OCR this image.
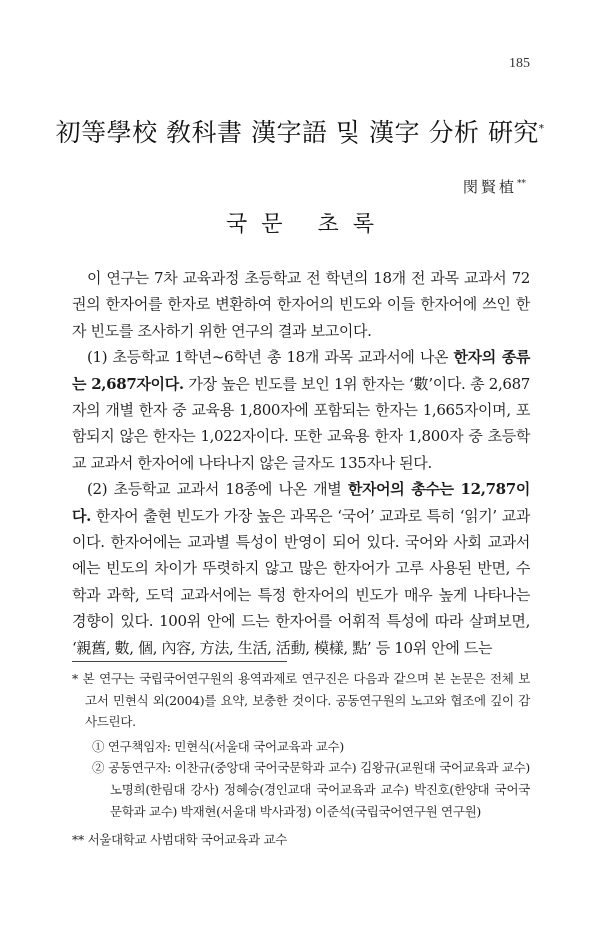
185
初等學校 敎科書 漢字語 및 漢字 分析 硏究*
閔賢植**
국문 초록

이 연구는 7차 교육과정 초등학교 전 학년의 18개 전 과목 교과서 72권의 한자어를 한자로 변환하여 한자어의 빈도와 이들 한자어에 쓰인 한자 빈도를 조사하기 위한 연구의 결과 보고이다.

(1) 초등학교 1학년~6학년 총 18개 과목 교과서에 나온 한자의 종류는 2,687자이다. 가장 높은 빈도를 보인 1위 한자는 ‘數’이다. 총 2,687자의 개별 한자 중 교육용 1,800자에 포함되는 한자는 1,665자이며, 포함되지 않은 한자는 1,022자이다. 또한 교육용 한자 1,800자 중 초등학교 교과서 한자어에 나타나지 않은 글자도 135자나 된다.

(2) 초등학교 교과서 18종에 나온 개별 한자어의 총수는 12,787이다. 한자어 출현 빈도가 가장 높은 과목은 ‘국어’ 교과로 특히 ‘읽기’ 교과이다. 한자어에는 교과별 특성이 반영이 되어 있다. 국어와 사회 교과서에는 빈도의 차이가 뚜렷하지 않고 많은 한자어가 고루 사용된 반면, 수학과 과학, 도덕 교과서에는 특정 한자어의 빈도가 매우 높게 나타나는 경향이 있다. 100위 안에 드는 한자어를 어휘적 특성에 따라 살펴보면, ‘親舊, 數, 個, 內容, 方法, 生活, 活動, 模樣, 點’ 등 10위 안에 드는

* 본 연구는 국립국어연구원의 용역과제로 연구진은 다음과 같으며 본 논문은 전체 보고서 민현식 외(2004)를 요약, 보충한 것이다. 공동연구원의 노고와 협조에 깊이 감사드린다.

① 연구책임자: 민현식(서울대 국어교육과 교수)
② 공동연구자: 이찬규(중앙대 국어국문학과 교수) 김왕규(교원대 국어교육과 교수) 노명희(한림대 강사) 정혜승(경인교대 국어교육과 교수) 박진호(한양대 국어국문학과 교수) 박재현(서울대 박사과정) 이준석(국립국어연구원 연구원)

** 서울대학교 사범대학 국어교육과 교수
